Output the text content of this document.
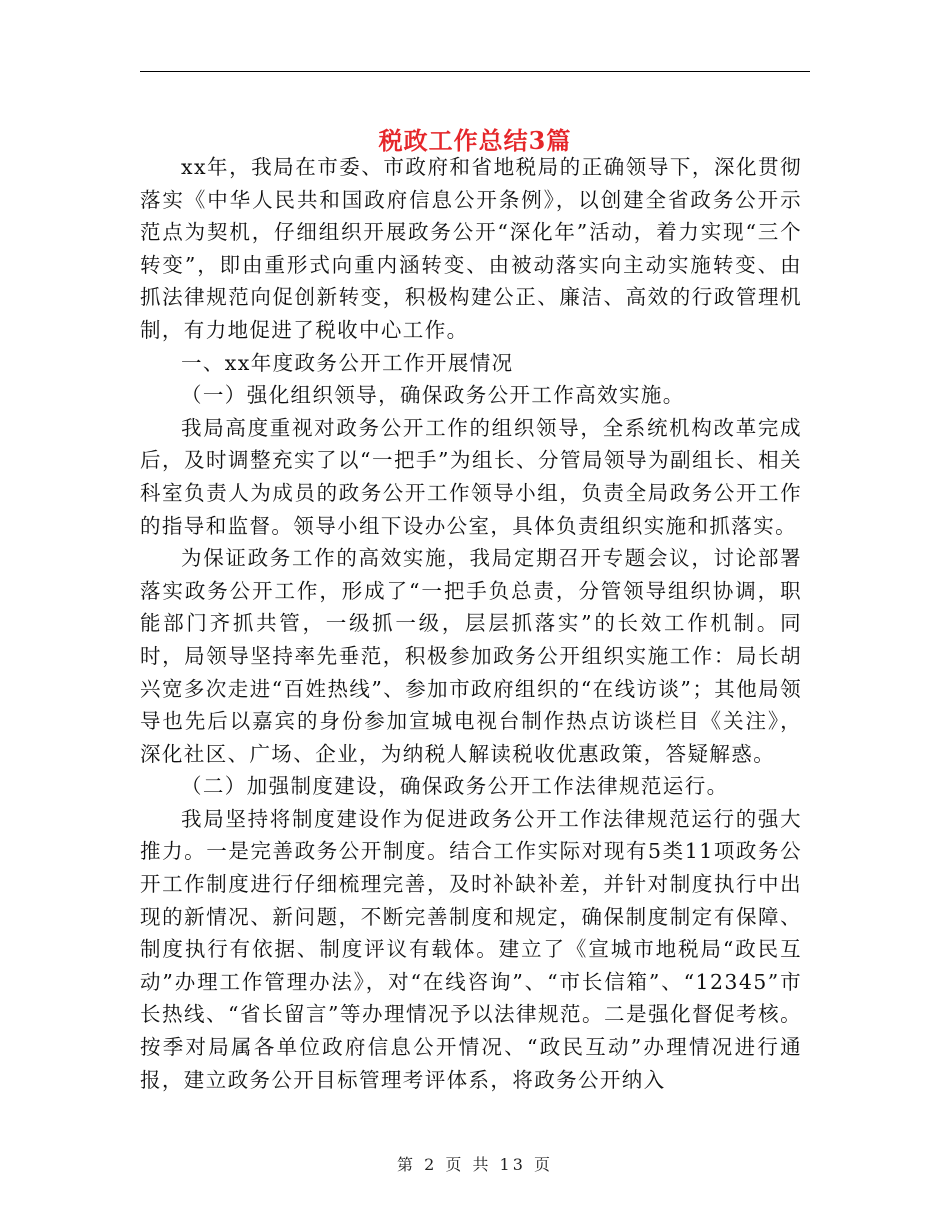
税政工作总结3篇

xx年，我局在市委、市政府和省地税局的正确领导下，深化贯彻落实《中华人民共和国政府信息公开条例》，以创建全省政务公开示范点为契机，仔细组织开展政务公开“深化年”活动，着力实现“三个转变”，即由重形式向重内涵转变、由被动落实向主动实施转变、由抓法律规范向促创新转变，积极构建公正、廉洁、高效的行政管理机制，有力地促进了税收中心工作。

一、xx年度政务公开工作开展情况

（一）强化组织领导，确保政务公开工作高效实施。

我局高度重视对政务公开工作的组织领导，全系统机构改革完成后，及时调整充实了以“一把手”为组长、分管局领导为副组长、相关科室负责人为成员的政务公开工作领导小组，负责全局政务公开工作的指导和监督。领导小组下设办公室，具体负责组织实施和抓落实。

为保证政务工作的高效实施，我局定期召开专题会议，讨论部署落实政务公开工作，形成了“一把手负总责，分管领导组织协调，职能部门齐抓共管，一级抓一级，层层抓落实”的长效工作机制。同时，局领导坚持率先垂范，积极参加政务公开组织实施工作：局长胡兴宽多次走进“百姓热线”、参加市政府组织的“在线访谈”；其他局领导也先后以嘉宾的身份参加宣城电视台制作热点访谈栏目《关注》，深化社区、广场、企业，为纳税人解读税收优惠政策，答疑解惑。

（二）加强制度建设，确保政务公开工作法律规范运行。

我局坚持将制度建设作为促进政务公开工作法律规范运行的强大推力。一是完善政务公开制度。结合工作实际对现有5类11项政务公开工作制度进行仔细梳理完善，及时补缺补差，并针对制度执行中出现的新情况、新问题，不断完善制度和规定，确保制度制定有保障、制度执行有依据、制度评议有载体。建立了《宣城市地税局“政民互动”办理工作管理办法》，对“在线咨询”、“市长信箱”、“12345”市长热线、“省长留言”等办理情况予以法律规范。二是强化督促考核。按季对局属各单位政府信息公开情况、“政民互动”办理情况进行通报，建立政务公开目标管理考评体系，将政务公开纳入

第 2 页 共 13 页
